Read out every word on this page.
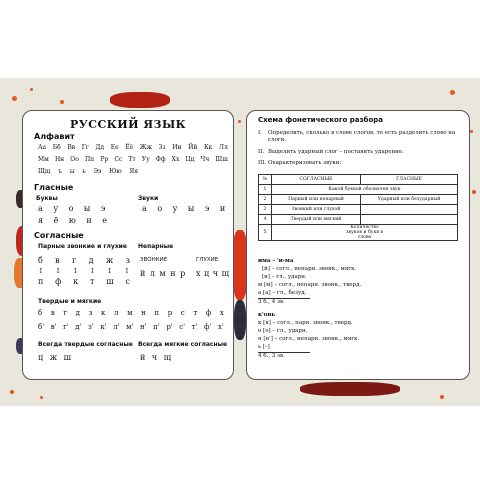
РУССКИЙ ЯЗЫК
Алфавит
Аа Бб Вв Гг Дд Ее Ёё Жж Зз Ии Йй Кк Лл
Мм Нн Оо Пп Рр Сс Тт Уу Фф Хх Цц Чч Шш
Щщ ъ ы ь Ээ Юю Яя
Гласные
Буквы	Звуки
а у о ы э
я ё ю и е
а о у ы э и
Согласные
Парные звонкие и глухие Непарные
б в г д ж з
↕ ↕ ↕ ↕ ↕ ↕
п ф к т ш с
ЗВОНКИЕ	ГЛУХИЕ
й л м н р х ц ч щ
Твердые и мягкие
б в г д з к л м н п р с т ф х
б' в' г' д' з' к' л' м' н' п' р' с' т' ф' х'
Всегда твердые согласные Всегда мягкие согласные
ц ж ш	й ч щ
Схема фонетического разбора
I.	Определить, сколько в слове слогов, то есть разделить слово на слоги.
II. Выделить ударный слог – поставить ударение.
III. Охарактеризовать звуки:
№	СОГЛАСНЫЕ	ГЛАСНЫЕ
1	Какой буквой обозначен звук	
2	Парный или непарный	Ударный или безударный
3	Звонкий или глухой	
4	Твердый или мягкий	
5	Количество звуков и букв в слове	
има – 'и-ма
[й] – согл., непарн. звонк., мягк.
[и] – гл., ударн.
м [м] – согл., непарн. звонк., тверд.
а [а] – гл., безуд.
3 б., 4 зв.
к'онь
к [к] – согл., парн. звонк., тверд.
о [о] – гл., ударн.
н [н'] – согл., непарн. звонк., мягк.
ь [–]
4 б., 3 зв.
